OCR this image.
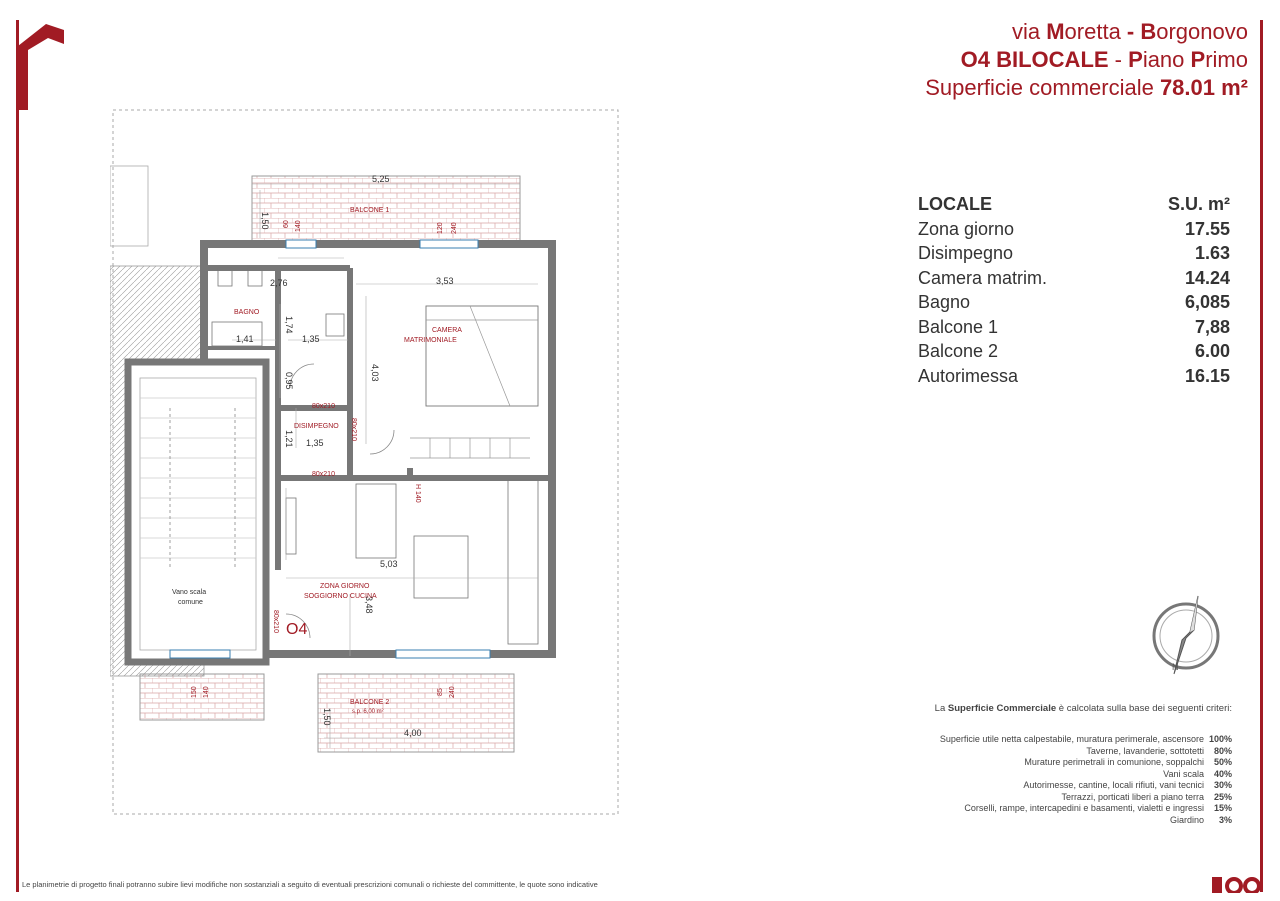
via Moretta - Borgonovo
O4 BILOCALE - Piano Primo
Superficie commerciale 78.01 m²
LOCALE	S.U. m²
Zona giorno	17.55
Disimpegno	1.63
Camera matrim.	14.24
Bagno	6,085
Balcone 1	7,88
Balcone 2	6.00
Autorimessa	16.15
N
La Superficie Commerciale è calcolata sulla base dei seguenti criteri:
Superficie utile netta calpestabile, muratura perimerale, ascensore 100%
Taverne, lavanderie, sottotetti	80%
Murature perimetrali in comunione, soppalchi	50%
Vani scala	40%
Autorimesse, cantine, locali rifiuti, vani tecnici	30%
Terrazzi, porticati liberi a piano terra	25%
Corselli, rampe, intercapedini e basamenti, vialetti e ingressi	15%
Giardino	3%
Le planimetrie di progetto finali potranno subire lievi modifiche non sostanziali a seguito di eventuali prescrizioni comunali o richieste del committente, le quote sono indicative
5,25
1,50
BALCONE 1
60 140	120 240
2,76	3,53
BAGNO
1,74
1,41	1,35
CAMERA
MATRIMONIALE
4,03
0,95
80x210
DISIMPEGNO
1,21 1,35
80x210
80x210
H 140
Vano scala
comune
5,03
ZONA GIORNO
SOGGIORNO CUCINA
3,48
O4
80x210
150 140	85 240
1,50
BALCONE 2
s.p. 6,00 m²
4,00
